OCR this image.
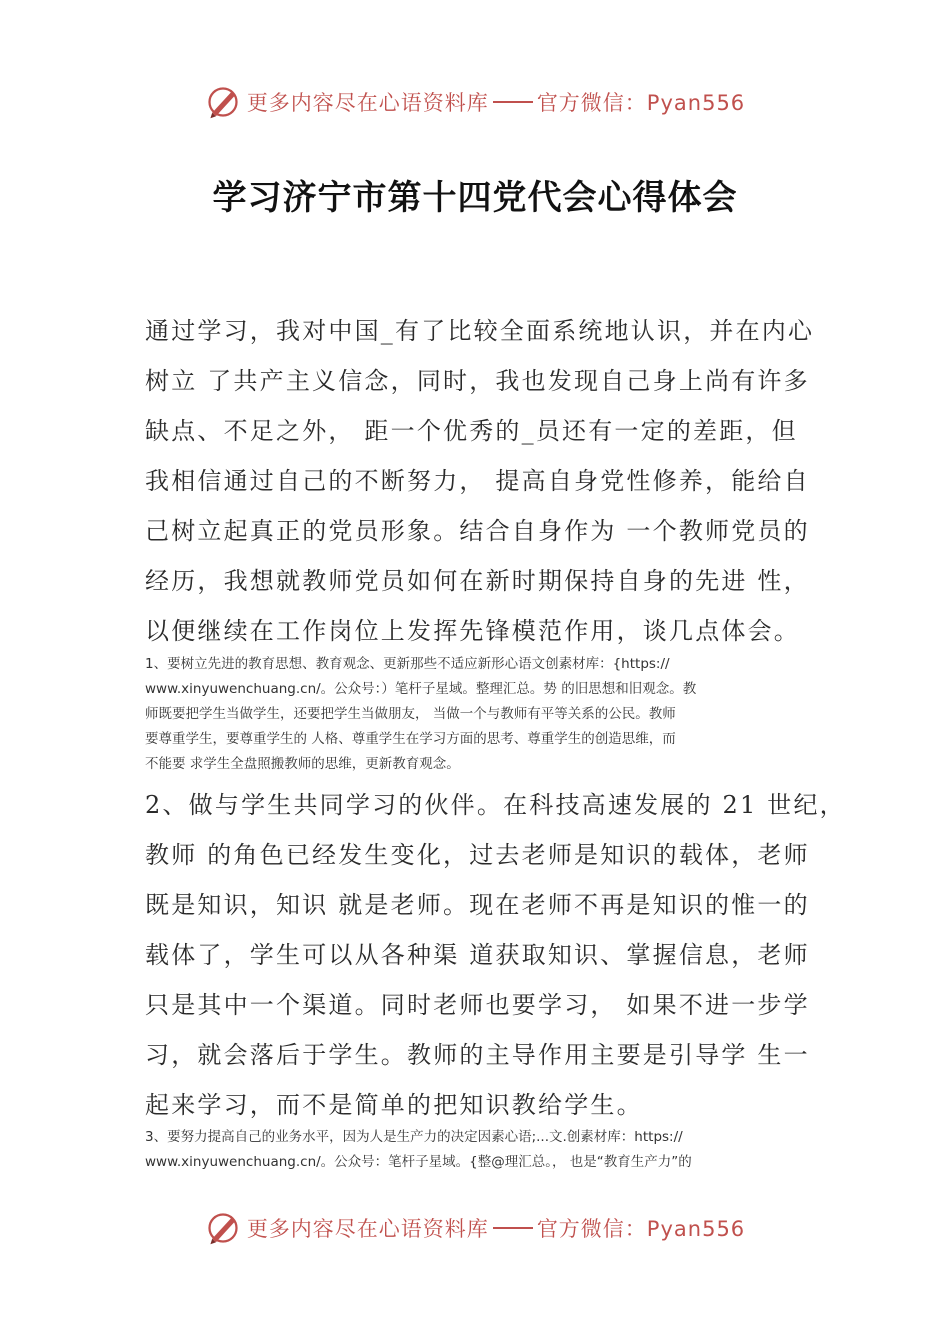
更多内容尽在心语资料库 官方微信：Pyan556
学习济宁市第十四党代会心得体会
通过学习，我对中国_有了比较全面系统地认识，并在内心
树立 了共产主义信念，同时，我也发现自己身上尚有许多
缺点、不足之外， 距一个优秀的_员还有一定的差距，但
我相信通过自己的不断努力， 提高自身党性修养，能给自
己树立起真正的党员形象。结合自身作为 一个教师党员的
经历，我想就教师党员如何在新时期保持自身的先进 性，
以便继续在工作岗位上发挥先锋模范作用，谈几点体会。
1、要树立先进的教育思想、教育观念、更新那些不适应新形心语文创素材库：{https://
www.xinyuwenchuang.cn/。公众号：）笔杆子星域。整理汇总。势 的旧思想和旧观念。教
师既要把学生当做学生，还要把学生当做朋友， 当做一个与教师有平等关系的公民。教师
要尊重学生，要尊重学生的 人格、尊重学生在学习方面的思考、尊重学生的创造思维，而
不能要 求学生全盘照搬教师的思维，更新教育观念。
2、做与学生共同学习的伙伴。在科技高速发展的 21 世纪，
教师 的角色已经发生变化，过去老师是知识的载体，老师
既是知识，知识 就是老师。现在老师不再是知识的惟一的
载体了，学生可以从各种渠 道获取知识、掌握信息，老师
只是其中一个渠道。同时老师也要学习， 如果不进一步学
习，就会落后于学生。教师的主导作用主要是引导学 生一
起来学习，而不是简单的把知识教给学生。
3、要努力提高自己的业务水平，因为人是生产力的决定因素心语;...文.创素材库：https://
www.xinyuwenchuang.cn/。公众号：笔杆子星域。{整@理汇总。， 也是“教育生产力”的
更多内容尽在心语资料库 官方微信：Pyan556
